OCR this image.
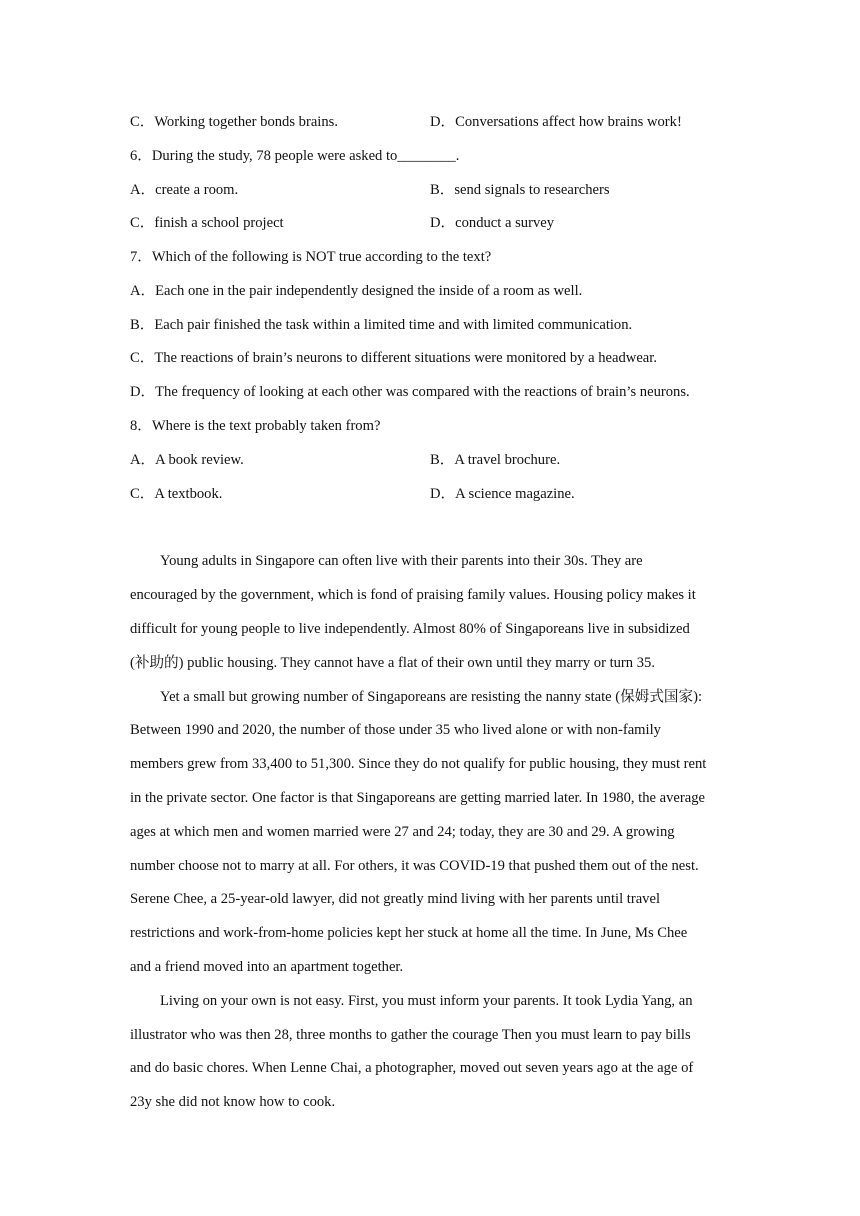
C．Working together bonds brains.	D．Conversations affect how brains work!
6．During the study, 78 people were asked to________.
A．create a room.	B．send signals to researchers
C．finish a school project	D．conduct a survey
7．Which of the following is NOT true according to the text?
A．Each one in the pair independently designed the inside of a room as well.
B．Each pair finished the task within a limited time and with limited communication.
C．The reactions of brain’s neurons to different situations were monitored by a headwear.
D．The frequency of looking at each other was compared with the reactions of brain’s neurons.
8．Where is the text probably taken from?
A．A book review.	B．A travel brochure.
C．A textbook.	D．A science magazine.
Young adults in Singapore can often live with their parents into their 30s. They are
encouraged by the government, which is fond of praising family values. Housing policy makes it
difficult for young people to live independently. Almost 80% of Singaporeans live in subsidized
(补助的) public housing. They cannot have a flat of their own until they marry or turn 35.
Yet a small but growing number of Singaporeans are resisting the nanny state (保姆式国家):
Between 1990 and 2020, the number of those under 35 who lived alone or with non-family
members grew from 33,400 to 51,300. Since they do not qualify for public housing, they must rent
in the private sector. One factor is that Singaporeans are getting married later. In 1980, the average
ages at which men and women married were 27 and 24; today, they are 30 and 29. A growing
number choose not to marry at all. For others, it was COVID-19 that pushed them out of the nest.
Serene Chee, a 25-year-old lawyer, did not greatly mind living with her parents until travel
restrictions and work-from-home policies kept her stuck at home all the time. In June, Ms Chee
and a friend moved into an apartment together.
Living on your own is not easy. First, you must inform your parents. It took Lydia Yang, an
illustrator who was then 28, three months to gather the courage Then you must learn to pay bills
and do basic chores. When Lenne Chai, a photographer, moved out seven years ago at the age of
23y she did not know how to cook.
